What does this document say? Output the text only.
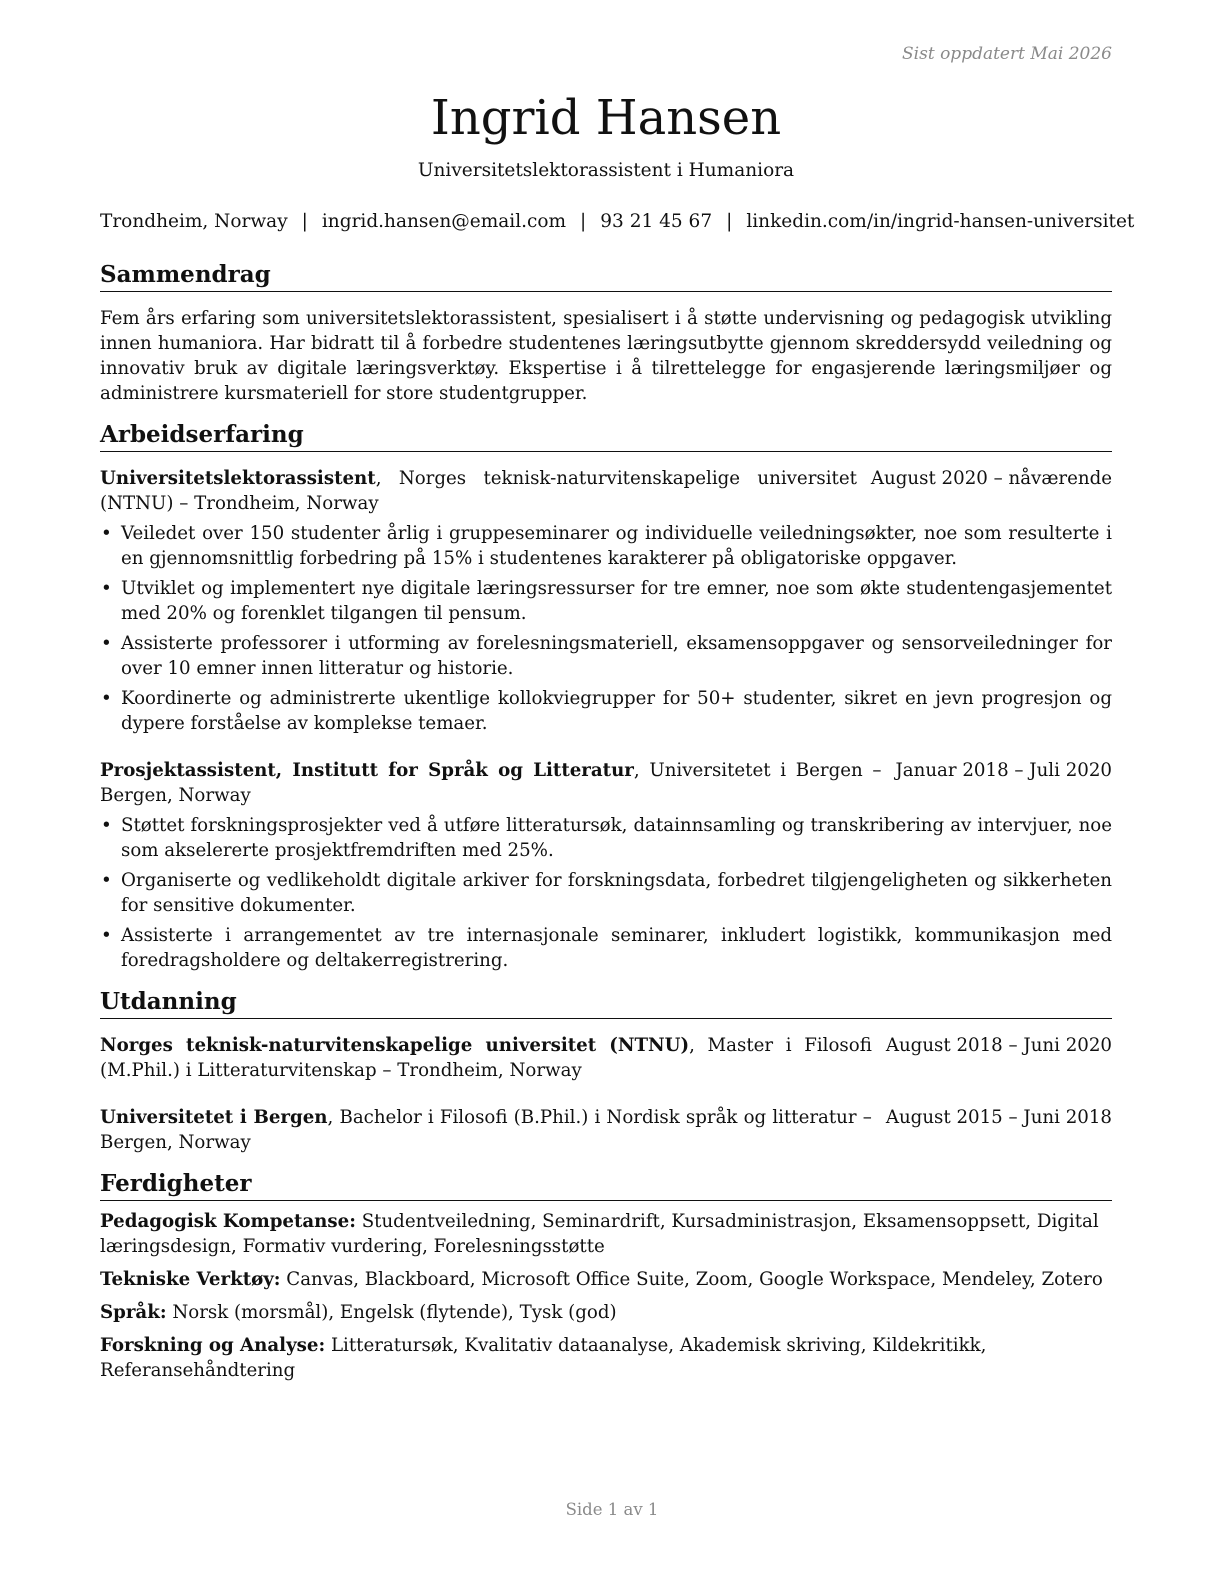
Sist oppdatert Mai 2026
Ingrid Hansen
Universitetslektorassistent i Humaniora
Trondheim, Norway | ingrid.hansen@email.com | 93 21 45 67 | linkedin.com/in/ingrid-hansen-universitet
Sammendrag

Fem års erfaring som universitetslektorassistent, spesialisert i å støtte undervisning og pedagogisk utvikling innen humaniora. Har bidratt til å forbedre studentenes læringsutbytte gjennom skreddersydd veiledning og innovativ bruk av digitale læringsverktøy. Ekspertise i å tilrettelegge for engasjerende læringsmiljøer og administrere kursmateriell for store studentgrupper.

Arbeidserfaring
August 2020 – nåværende
Universitetslektorassistent, Norges teknisk-naturvitenskapelige universitet (NTNU) – Trondheim, Norway
• Veiledet over 150 studenter årlig i gruppeseminarer og individuelle veiledningsøkter, noe som resulterte i en gjennomsnittlig forbedring på 15% i studentenes karakterer på obligatoriske oppgaver.
• Utviklet og implementert nye digitale læringsressurser for tre emner, noe som økte studentengasjementet med 20% og forenklet tilgangen til pensum.
• Assisterte professorer i utforming av forelesningsmateriell, eksamensoppgaver og sensorveiledninger for over 10 emner innen litteratur og historie.
• Koordinerte og administrerte ukentlige kollokviegrupper for 50+ studenter, sikret en jevn progresjon og dypere forståelse av komplekse temaer.
Januar 2018 – Juli 2020
Prosjektassistent, Institutt for Språk og Litteratur, Universitetet i Bergen – Bergen, Norway
• Støttet forskningsprosjekter ved å utføre litteratursøk, datainnsamling og transkribering av intervjuer, noe som akselererte prosjektfremdriften med 25%.
• Organiserte og vedlikeholdt digitale arkiver for forskningsdata, forbedret tilgjengeligheten og sikkerheten for sensitive dokumenter.
• Assisterte i arrangementet av tre internasjonale seminarer, inkludert logistikk, kommunikasjon med foredragsholdere og deltakerregistrering.
Utdanning
August 2018 – Juni 2020
Norges teknisk-naturvitenskapelige universitet (NTNU), Master i Filosofi (M.Phil.) i Litteraturvitenskap – Trondheim, Norway
August 2015 – Juni 2018
Universitetet i Bergen, Bachelor i Filosofi (B.Phil.) i Nordisk språk og litteratur – Bergen, Norway
Ferdigheter
Pedagogisk Kompetanse: Studentveiledning, Seminardrift, Kursadministrasjon, Eksamensoppsett, Digital læringsdesign, Formativ vurdering, Forelesningsstøtte
Tekniske Verktøy: Canvas, Blackboard, Microsoft Office Suite, Zoom, Google Workspace, Mendeley, Zotero
Språk: Norsk (morsmål), Engelsk (flytende), Tysk (god)
Forskning og Analyse: Litteratursøk, Kvalitativ dataanalyse, Akademisk skriving, Kildekritikk, Referansehåndtering
Side 1 av 1
